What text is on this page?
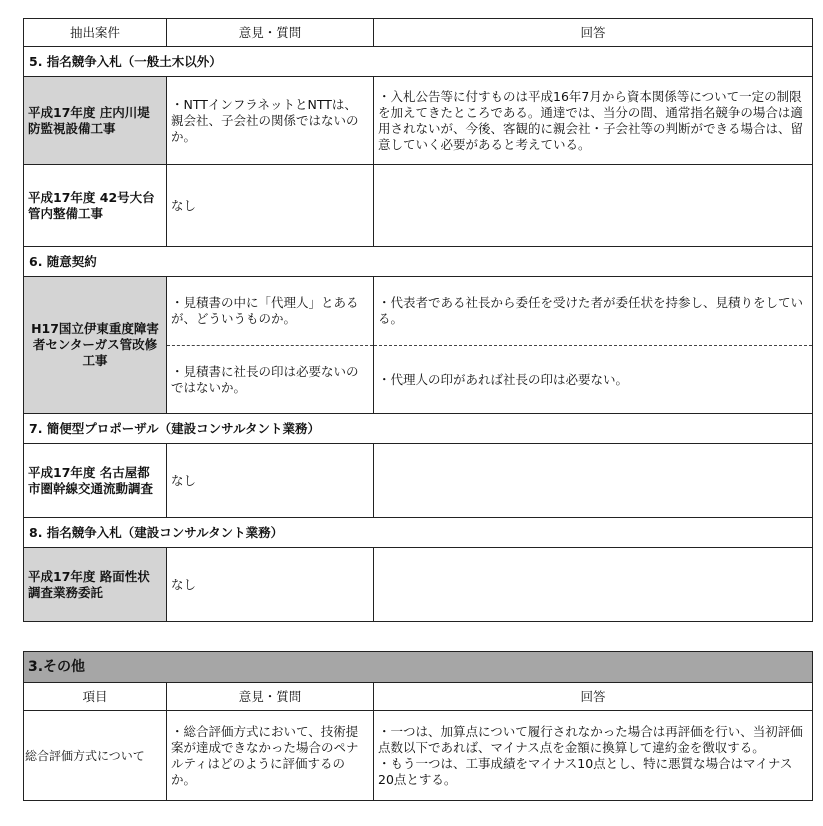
抽出案件	意見・質問	回答
5. 指名競争入札（一般土木以外）		
平成17年度 庄内川堤防監視設備工事	・NTTインフラネットとNTTは、親会社、子会社の関係ではないのか。	・入札公告等に付すものは平成16年7月から資本関係等について一定の制限を加えてきたところである。通達では、当分の間、通常指名競争の場合は適用されないが、今後、客観的に親会社・子会社等の判断ができる場合は、留意していく必要があると考えている。
平成17年度 42号大台管内整備工事	なし	
6. 随意契約		
H17国立伊東重度障害者センターガス管改修工事	・見積書の中に「代理人」とあるが、どういうものか。	・代表者である社長から委任を受けた者が委任状を持参し、見積りをしている。
	・見積書に社長の印は必要ないのではないか。	・代理人の印があれば社長の印は必要ない。
7. 簡便型プロポーザル（建設コンサルタント業務）		
平成17年度 名古屋都市圏幹線交通流動調査	なし	
8. 指名競争入札（建設コンサルタント業務）		
平成17年度 路面性状調査業務委託	なし	
3.その他		
項目	意見・質問	回答
総合評価方式について	・総合評価方式において、技術提案が達成できなかった場合のペナルティはどのように評価するのか。	・一つは、加算点について履行されなかった場合は再評価を行い、当初評価点数以下であれば、マイナス点を金額に換算して違約金を徴収する。
・もう一つは、工事成績をマイナス10点とし、特に悪質な場合はマイナス20点とする。
